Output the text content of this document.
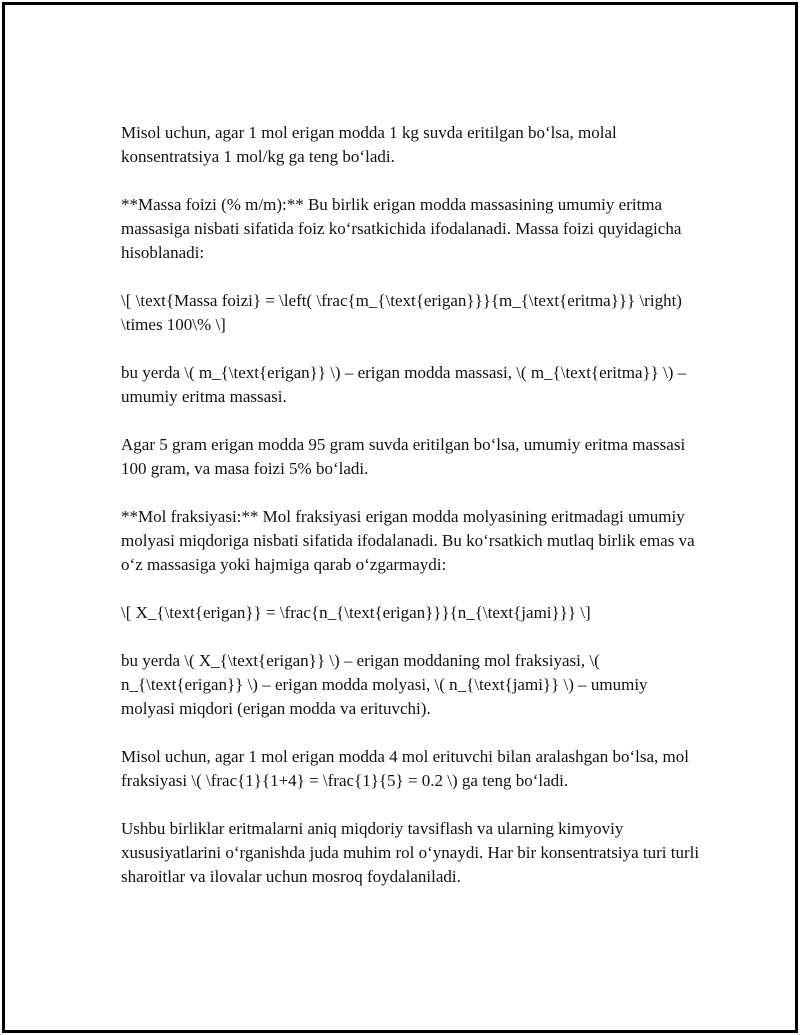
Misol uchun, agar 1 mol erigan modda 1 kg suvda eritilgan bo‘lsa, molal konsentratsiya 1 mol/kg ga teng bo‘ladi.

**Massa foizi (% m/m):** Bu birlik erigan modda massasining umumiy eritma massasiga nisbati sifatida foiz ko‘rsatkichida ifodalanadi. Massa foizi quyidagicha hisoblanadi:

\[ \text{Massa foizi} = \left( \frac{m_{\text{erigan}}}{m_{\text{eritma}}} \right) \times 100\% \]

bu yerda \( m_{\text{erigan}} \) – erigan modda massasi, \( m_{\text{eritma}} \) – umumiy eritma massasi.

Agar 5 gram erigan modda 95 gram suvda eritilgan bo‘lsa, umumiy eritma massasi 100 gram, va masa foizi 5% bo‘ladi.

**Mol fraksiyasi:** Mol fraksiyasi erigan modda molyasining eritmadagi umumiy molyasi miqdoriga nisbati sifatida ifodalanadi. Bu ko‘rsatkich mutlaq birlik emas va o‘z massasiga yoki hajmiga qarab o‘zgarmaydi:

\[ X_{\text{erigan}} = \frac{n_{\text{erigan}}}{n_{\text{jami}}} \]

bu yerda \( X_{\text{erigan}} \) – erigan moddaning mol fraksiyasi, \( n_{\text{erigan}} \) – erigan modda molyasi, \( n_{\text{jami}} \) – umumiy molyasi miqdori (erigan modda va erituvchi).

Misol uchun, agar 1 mol erigan modda 4 mol erituvchi bilan aralashgan bo‘lsa, mol fraksiyasi \( \frac{1}{1+4} = \frac{1}{5} = 0.2 \) ga teng bo‘ladi.

Ushbu birliklar eritmalarni aniq miqdoriy tavsiflash va ularning kimyoviy xususiyatlarini o‘rganishda juda muhim rol o‘ynaydi. Har bir konsentratsiya turi turli sharoitlar va ilovalar uchun mosroq foydalaniladi.
